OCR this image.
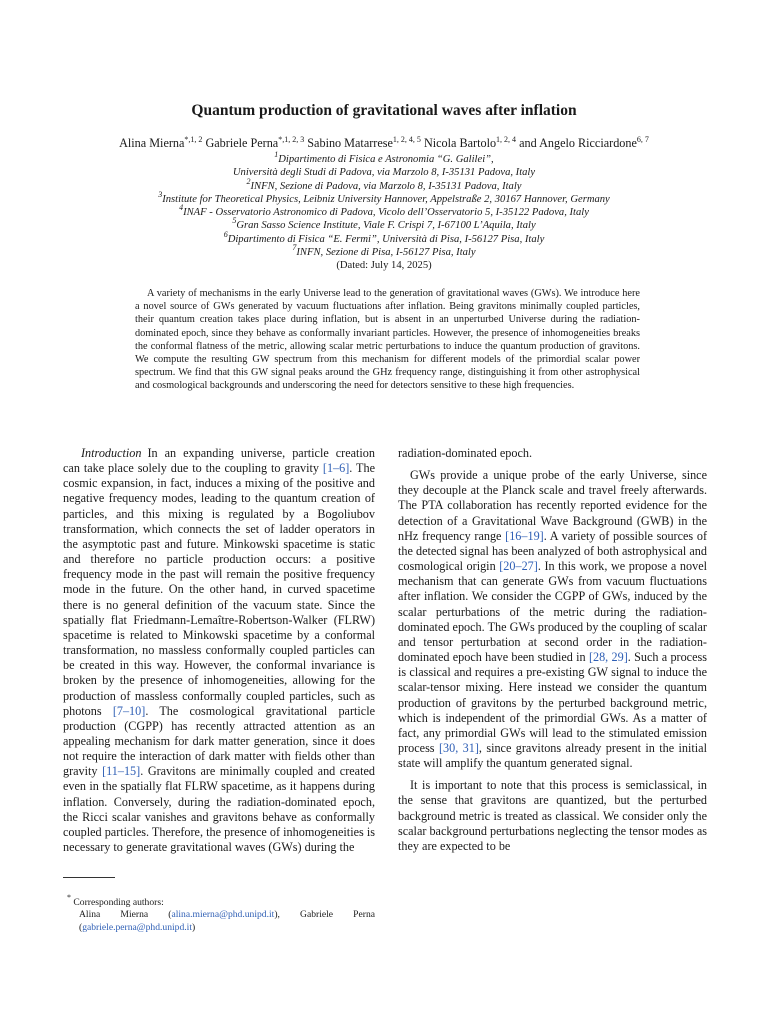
Quantum production of gravitational waves after inflation
Alina Mierna$^{*,1, 2}$ Gabriele Perna$^{*,1, 2, 3}$ Sabino Matarrese$^{1, 2, 4, 5}$ Nicola Bartolo$^{1, 2, 4}$ and Angelo Ricciardone$^{6, 7}$
$^1$Dipartimento di Fisica e Astronomia “G. Galilei”,
Università degli Studi di Padova, via Marzolo 8, I-35131 Padova, Italy
$^2$INFN, Sezione di Padova, via Marzolo 8, I-35131 Padova, Italy
$^3$Institute for Theoretical Physics, Leibniz University Hannover, Appelstraße 2, 30167 Hannover, Germany
$^4$INAF - Osservatorio Astronomico di Padova, Vicolo dell’Osservatorio 5, I-35122 Padova, Italy
$^5$Gran Sasso Science Institute, Viale F. Crispi 7, I-67100 L’Aquila, Italy
$^6$Dipartimento di Fisica “E. Fermi”, Università di Pisa, I-56127 Pisa, Italy
$^7$INFN, Sezione di Pisa, I-56127 Pisa, Italy
(Dated: July 14, 2025)
A variety of mechanisms in the early Universe lead to the generation of gravitational waves (GWs). We introduce here a novel source of GWs generated by vacuum fluctuations after inflation. Being gravitons minimally coupled particles, their quantum creation takes place during inflation, but is absent in an unperturbed Universe during the radiation-dominated epoch, since they behave as conformally invariant particles. However, the presence of inhomogeneities breaks the conformal flatness of the metric, allowing scalar metric perturbations to induce the quantum production of gravitons. We compute the resulting GW spectrum from this mechanism for different models of the primordial scalar power spectrum. We find that this GW signal peaks around the GHz frequency range, distinguishing it from other astrophysical and cosmological backgrounds and underscoring the need for detectors sensitive to these high frequencies.

Introduction In an expanding universe, particle creation can take place solely due to the coupling to gravity [1–6]. The cosmic expansion, in fact, induces a mixing of the positive and negative frequency modes, leading to the quantum creation of particles, and this mixing is regulated by a Bogoliubov transformation, which connects the set of ladder operators in the asymptotic past and future. Minkowski spacetime is static and therefore no particle production occurs: a positive frequency mode in the past will remain the positive frequency mode in the future. On the other hand, in curved spacetime there is no general definition of the vacuum state. Since the spatially flat Friedmann-Lemaître-Robertson-Walker (FLRW) spacetime is related to Minkowski spacetime by a conformal transformation, no massless conformally coupled particles can be created in this way. However, the conformal invariance is broken by the presence of inhomogeneities, allowing for the production of massless conformally coupled particles, such as photons [7–10]. The cosmological gravitational particle production (CGPP) has recently attracted attention as an appealing mechanism for dark matter generation, since it does not require the interaction of dark matter with fields other than gravity [11–15]. Gravitons are minimally coupled and created even in the spatially flat FLRW spacetime, as it happens during inflation. Conversely, during the radiation-dominated epoch, the Ricci scalar vanishes and gravitons behave as conformally coupled particles. Therefore, the presence of inhomogeneities is necessary to generate gravitational waves (GWs) during the

radiation-dominated epoch.

GWs provide a unique probe of the early Universe, since they decouple at the Planck scale and travel freely afterwards. The PTA collaboration has recently reported evidence for the detection of a Gravitational Wave Background (GWB) in the nHz frequency range [16–19]. A variety of possible sources of the detected signal has been analyzed of both astrophysical and cosmological origin [20–27]. In this work, we propose a novel mechanism that can generate GWs from vacuum fluctuations after inflation. We consider the CGPP of GWs, induced by the scalar perturbations of the metric during the radiation-dominated epoch. The GWs produced by the coupling of scalar and tensor perturbation at second order in the radiation-dominated epoch have been studied in [28, 29]. Such a process is classical and requires a pre-existing GW signal to induce the scalar-tensor mixing. Here instead we consider the quantum production of gravitons by the perturbed background metric, which is independent of the primordial GWs. As a matter of fact, any primordial GWs will lead to the stimulated emission process [30, 31], since gravitons already present in the initial state will amplify the quantum generated signal.

It is important to note that this process is semiclassical, in the sense that gravitons are quantized, but the perturbed background metric is treated as classical. We consider only the scalar background perturbations neglecting the tensor modes as they are expected to be

* Corresponding authors:
Alina Mierna (alina.mierna@phd.unipd.it), Gabriele Perna (gabriele.perna@phd.unipd.it)
